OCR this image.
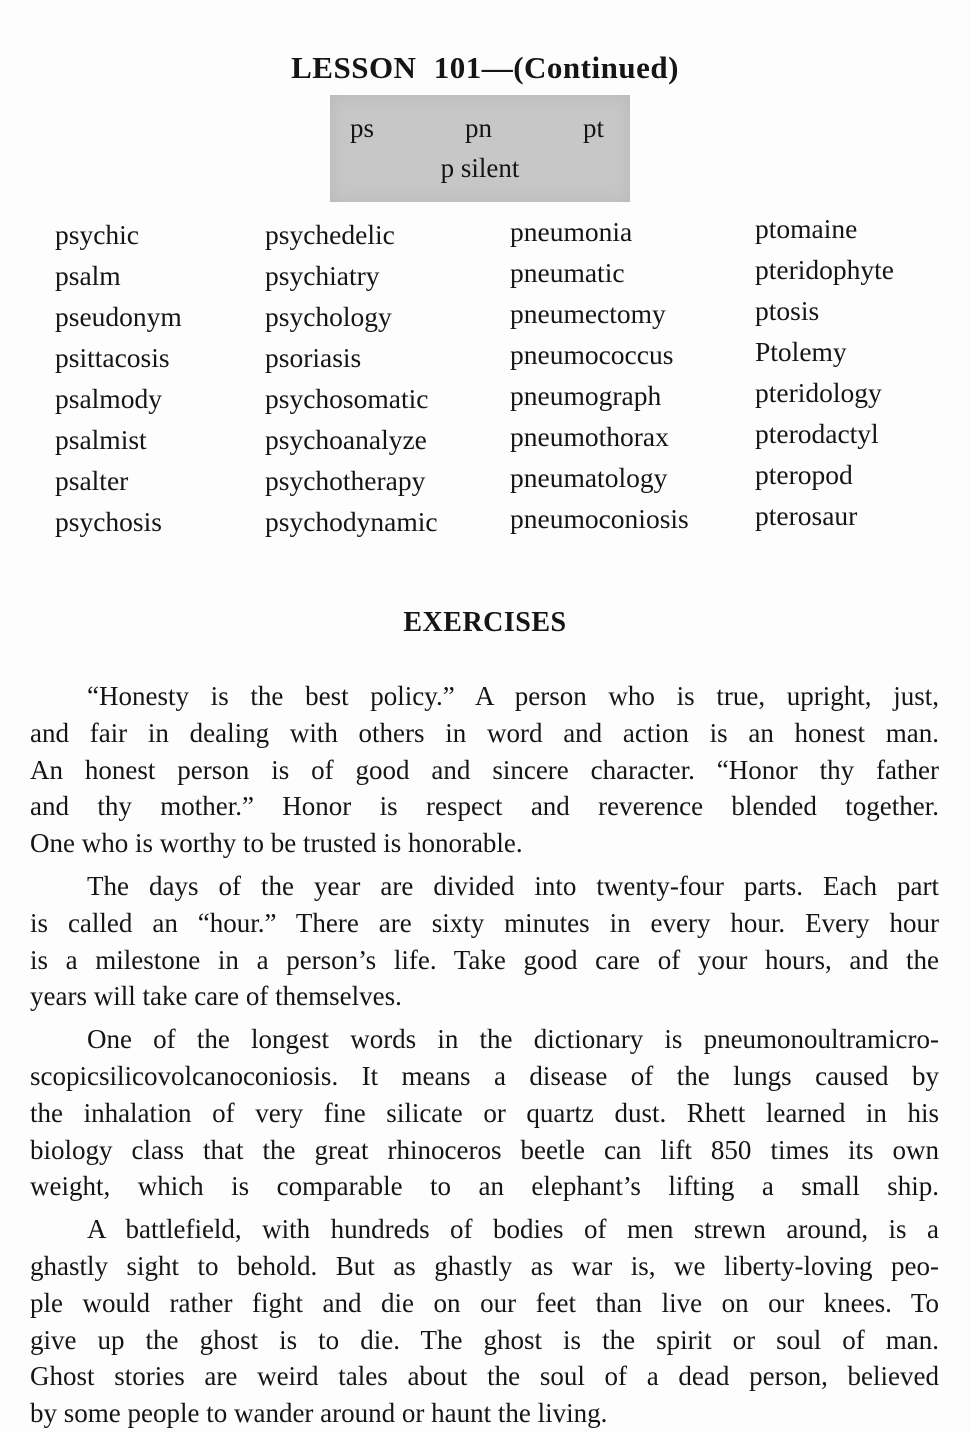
LESSON 101—(Continued)
ps	pn	pt
p silent
psychic
psalm
pseudonym
psittacosis
psalmody
psalmist
psalter
psychosis
psychedelic
psychiatry
psychology
psoriasis
psychosomatic
psychoanalyze
psychotherapy
psychodynamic
pneumonia
pneumatic
pneumectomy
pneumococcus
pneumograph
pneumothorax
pneumatology
pneumoconiosis
ptomaine
pteridophyte
ptosis
Ptolemy
pteridology
pterodactyl
pteropod
pterosaur
EXERCISES
“Honesty is the best policy.” A person who is true, upright, just,
and fair in dealing with others in word and action is an honest man.
An honest person is of good and sincere character. “Honor thy father
and thy mother.” Honor is respect and reverence blended together.
One who is worthy to be trusted is honorable.
The days of the year are divided into twenty-four parts. Each part
is called an “hour.” There are sixty minutes in every hour. Every hour
is a milestone in a person’s life. Take good care of your hours, and the
years will take care of themselves.
One of the longest words in the dictionary is pneumonoultramicro-
scopicsilicovolcanoconiosis. It means a disease of the lungs caused by
the inhalation of very fine silicate or quartz dust. Rhett learned in his
biology class that the great rhinoceros beetle can lift 850 times its own
weight, which is comparable to an elephant’s lifting a small ship.
A battlefield, with hundreds of bodies of men strewn around, is a
ghastly sight to behold. But as ghastly as war is, we liberty-loving peo-
ple would rather fight and die on our feet than live on our knees. To
give up the ghost is to die. The ghost is the spirit or soul of man.
Ghost stories are weird tales about the soul of a dead person, believed
by some people to wander around or haunt the living.
